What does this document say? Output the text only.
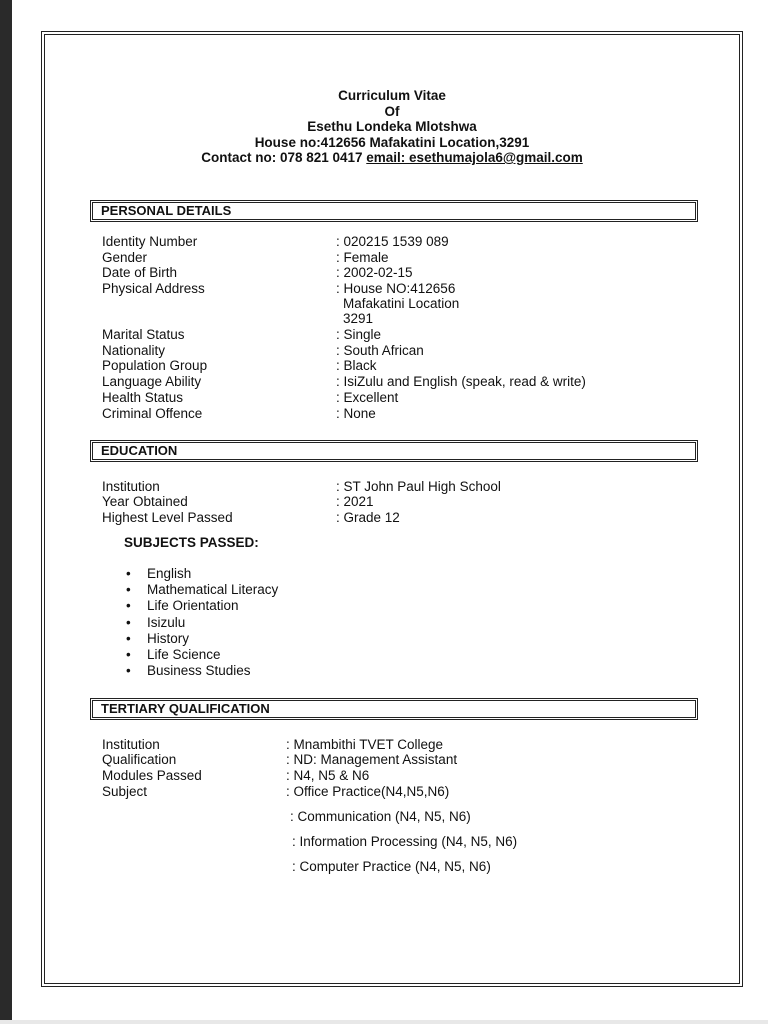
Curriculum Vitae
Of
Esethu Londeka Mlotshwa
House no:412656 Mafakatini Location,3291
Contact no: 078 821 0417 email: esethumajola6@gmail.com
PERSONAL DETAILS
Identity Number	: 020215 1539 089
Gender	: Female
Date of Birth	: 2002-02-15
Physical Address	: House NO:412656
Mafakatini Location
3291
Marital Status	: Single
Nationality	: South African
Population Group	: Black
Language Ability	: IsiZulu and English (speak, read & write)
Health Status	: Excellent
Criminal Offence	: None
EDUCATION
Institution	: ST John Paul High School
Year Obtained	: 2021
Highest Level Passed	: Grade 12
SUBJECTS PASSED:
• English
• Mathematical Literacy
• Life Orientation
• Isizulu
• History
• Life Science
• Business Studies
TERTIARY QUALIFICATION
Institution	: Mnambithi TVET College
Qualification	: ND: Management Assistant
Modules Passed	: N4, N5 & N6
Subject	: Office Practice(N4,N5,N6)
: Communication (N4, N5, N6)
: Information Processing (N4, N5, N6)
: Computer Practice (N4, N5, N6)
